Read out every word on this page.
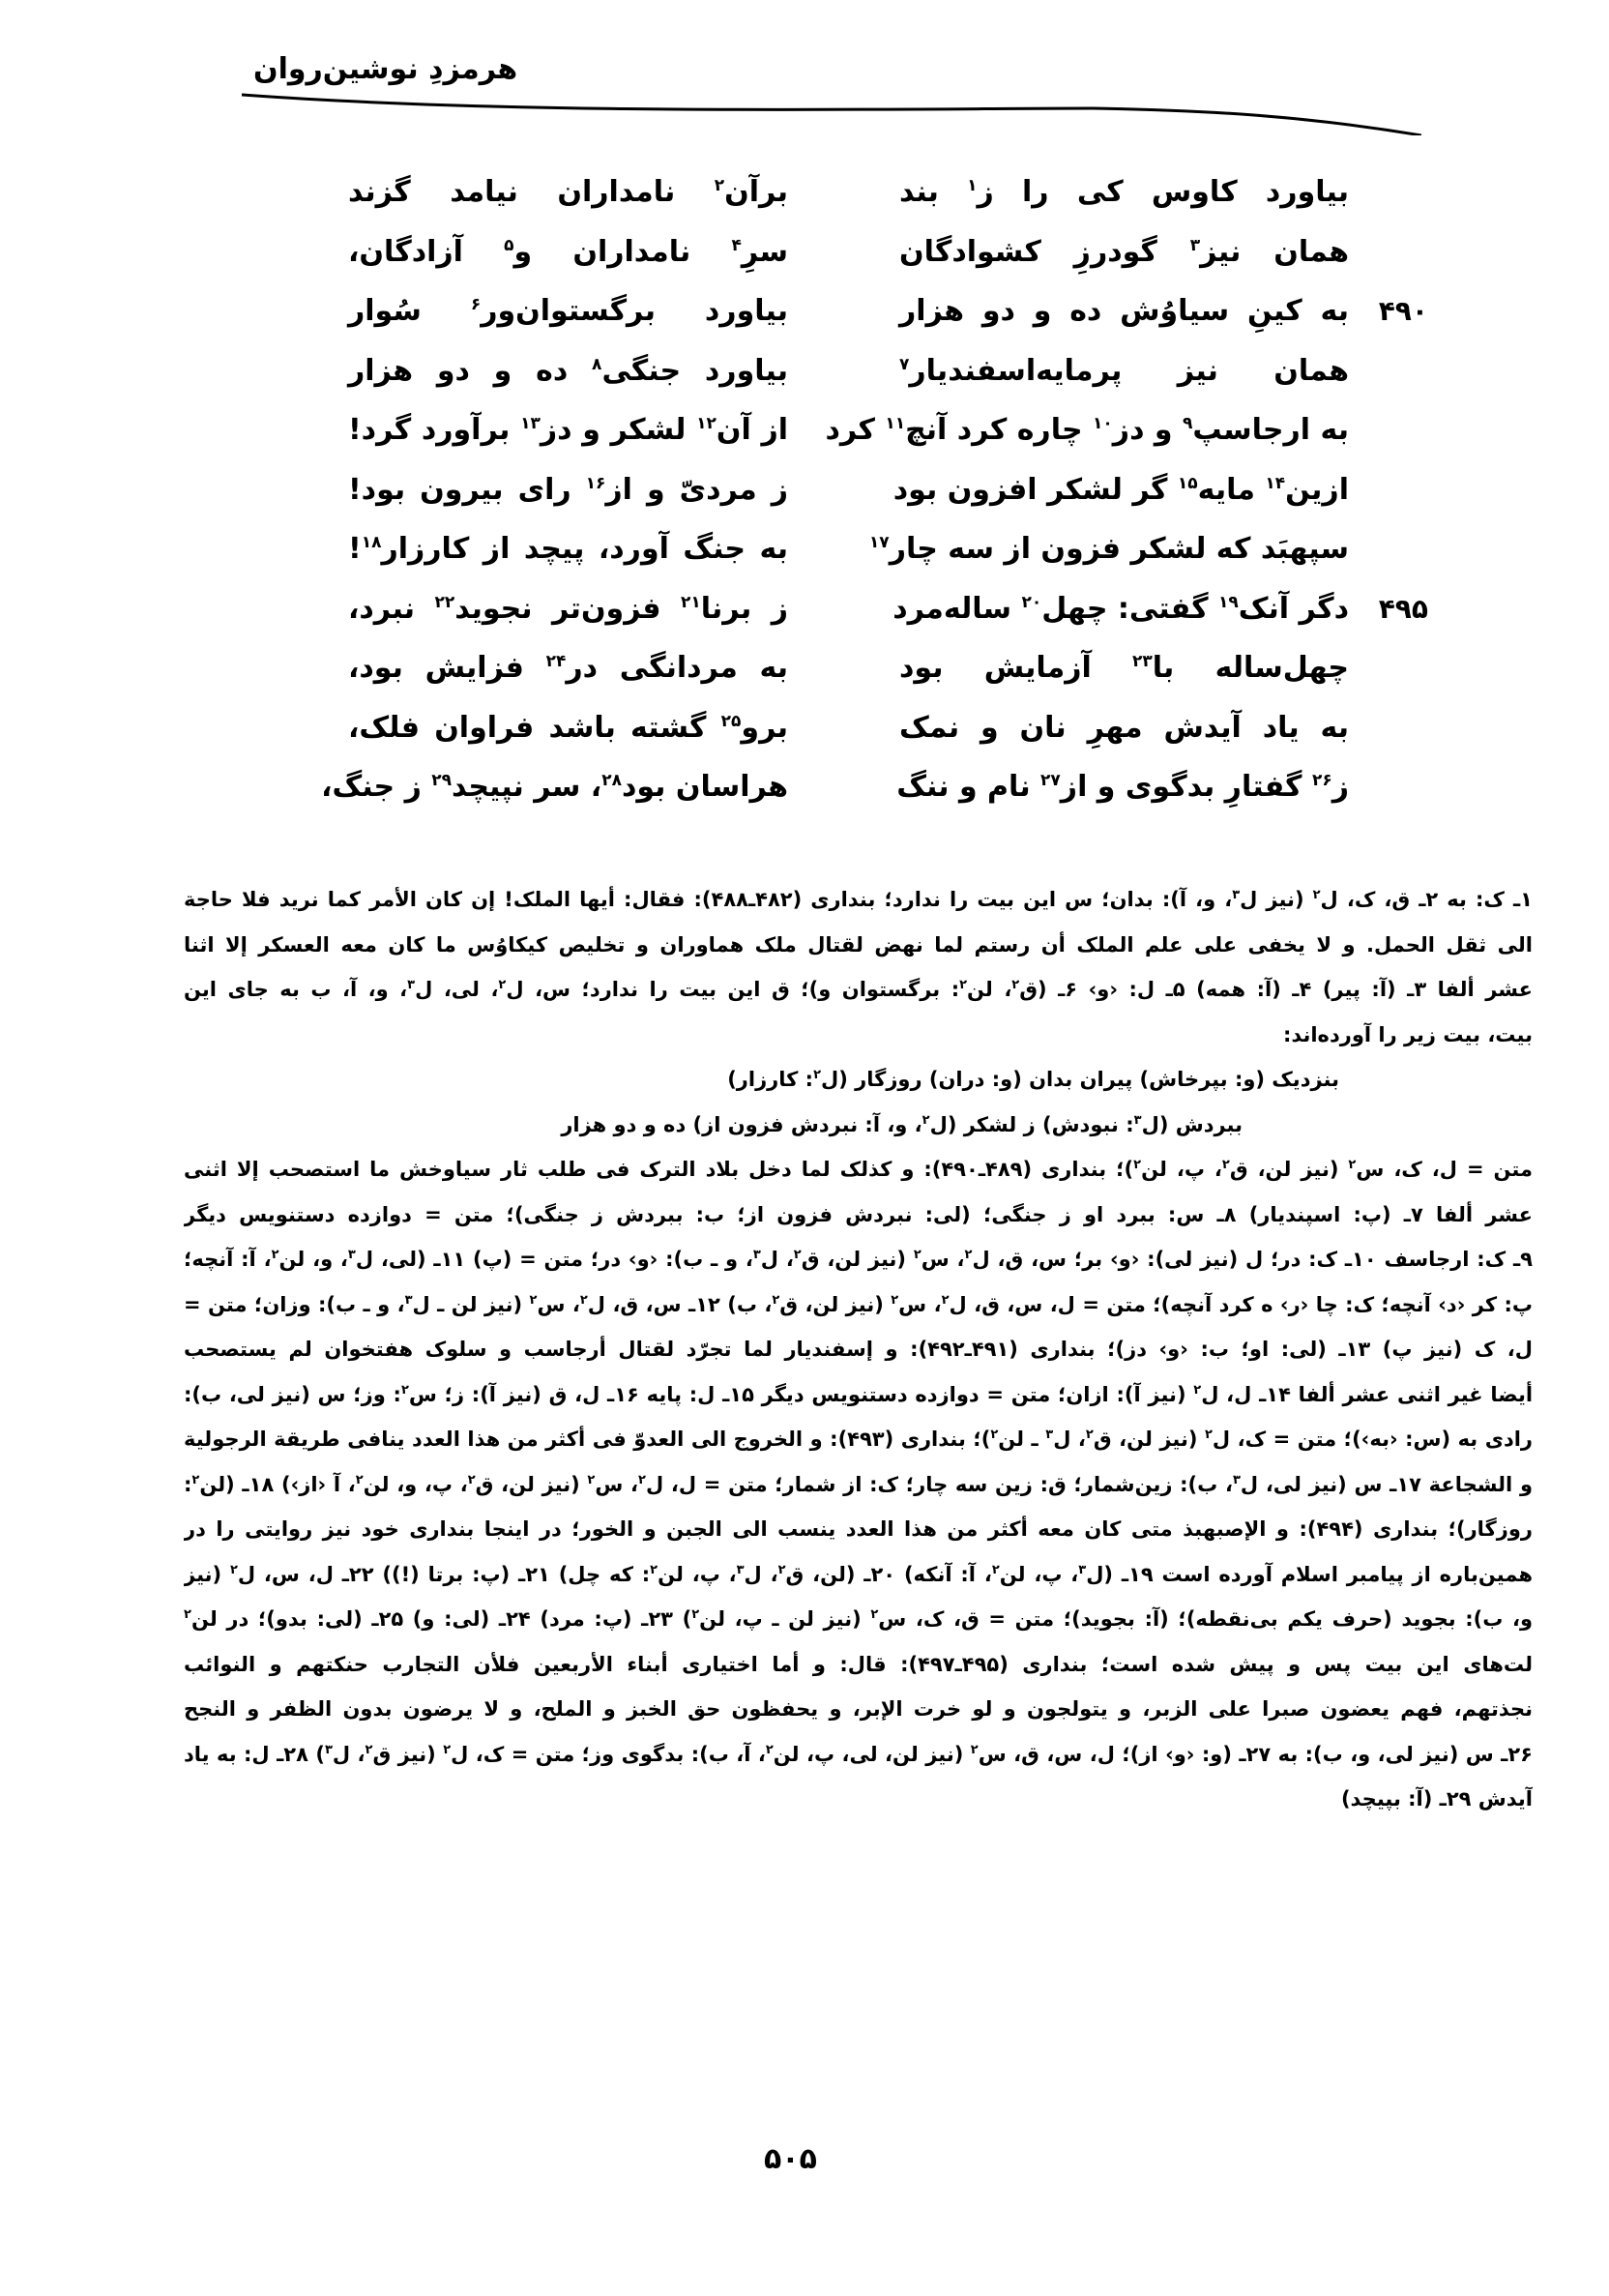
هرمزدِ نوشین‌روان
بیاورد کاوس کی را ز$^۱$ بند
همان نیز$^۳$ گودرزِ کشوادگان
۴۹۰
به کینِ سیاوُش ده و دو هزار
همان نیز پرمایه‌اسفندیار$^۷$
به ارجاسپ$^۹$ و دز$^{۱۰}$ چاره کرد آنچ$^{۱۱}$ کرد
ازین$^{۱۴}$ مایه$^{۱۵}$ گر لشکر افزون بود
سپهبَد که لشکر فزون از سه چار$^{۱۷}$
۴۹۵
دگر آنک$^{۱۹}$ گفتی: چهل$^{۲۰}$ ساله‌مرد
چهل‌ساله با$^{۲۳}$ آزمایش بود
به یاد آیدش مهرِ نان و نمک
ز$^{۲۶}$ گفتارِ بدگوی و از$^{۲۷}$ نام و ننگ
برآن$^۲$ نامداران نیامد گزند
سرِ$^۴$ نامداران و$^۵$ آزادگان،
بیاورد برگستوان‌ور$^۶$ سُوار
بیاورد جنگی$^۸$ ده و دو هزار
از آن$^{۱۲}$ لشکر و دز$^{۱۳}$ برآورد گرد!
ز مردیّ و از$^{۱۶}$ رای بیرون بود!
به جنگ آورد، پیچد از کارزار$^{۱۸}$!
ز برنا$^{۲۱}$ فزون‌تر نجوید$^{۲۲}$ نبرد،
به مردانگی در$^{۲۴}$ فزایش بود،
برو$^{۲۵}$ گشته باشد فراوان فلک،
هراسان بود$^{۲۸}$، سر نپیچد$^{۲۹}$ ز جنگ،
۱ـ ک: به ۲ـ ق، ک، ل$^۲$ (نیز ل$^۳$، و، آ): بدان؛ س این بیت را ندارد؛ بنداری (۴۸۲ـ۴۸۸): فقال: أیها الملک! إن کان الأمر کما نرید فلا حاجة
الی ثقل الحمل. و لا یخفی علی علم الملک أن رستم لما نهض لقتال ملک هماوران و تخلیص کیکاوُس ما کان معه العسکر إلا اثنا
عشر ألفا ۳ـ (آ: پیر) ۴ـ (آ: همه) ۵ـ ل: ‹و› ۶ـ (ق$^۲$، لن$^۲$: برگستوان و)؛ ق این بیت را ندارد؛ س، ل$^۲$، لی، ل$^۳$، و، آ، ب به جای این
بیت، بیت زیر را آورده‌اند:
بنزدیک (و: بپرخاش) پیران بدان (و: دران) روزگار (ل$^۲$: کارزار)
ببردش (ل$^۳$: نبودش) ز لشکر (ل$^۲$، و، آ: نبردش فزون از) ده و دو هزار
متن = ل، ک، س$^۲$ (نیز لن، ق$^۲$، پ، لن$^۲$)؛ بنداری (۴۸۹ـ۴۹۰): و کذلک لما دخل بلاد الترک فی طلب ثار سیاوخش ما استصحب إلا اثنی
عشر ألفا ۷ـ (پ: اسپندیار) ۸ـ س: ببرد او ز جنگی؛ (لی: نبردش فزون از؛ ب: ببردش ز جنگی)؛ متن = دوازده دستنویس دیگر
۹ـ ک: ارجاسف ۱۰ـ ک: در؛ ل (نیز لی): ‹و› بر؛ س، ق، ل$^۲$، س$^۲$ (نیز لن، ق$^۲$، ل$^۳$، و ـ ب): ‹و› در؛ متن = (پ) ۱۱ـ (لی، ل$^۳$، و، لن$^۲$، آ: آنچه؛
پ: کر ‹د› آنچه؛ ک: چا ‹ر› ه کرد آنچه)؛ متن = ل، س، ق، ل$^۲$، س$^۲$ (نیز لن، ق$^۲$، ب) ۱۲ـ س، ق، ل$^۲$، س$^۲$ (نیز لن ـ ل$^۳$، و ـ ب): وزان؛ متن =
ل، ک (نیز پ) ۱۳ـ (لی: او؛ ب: ‹و› دز)؛ بنداری (۴۹۱ـ۴۹۲): و إسفندیار لما تجرّد لقتال أرجاسب و سلوک هفتخوان لم یستصحب
أیضا غیر اثنی عشر ألفا ۱۴ـ ل، ل$^۲$ (نیز آ): ازان؛ متن = دوازده دستنویس دیگر ۱۵ـ ل: پایه ۱۶ـ ل، ق (نیز آ): ز؛ س$^۲$: وز؛ س (نیز لی، ب):
رادی به (س: ‹به›)؛ متن = ک، ل$^۲$ (نیز لن، ق$^۲$، ل$^۳$ ـ لن$^۲$)؛ بنداری (۴۹۳): و الخروج الی العدوّ فی أکثر من هذا العدد ینافی طریقة الرجولیة
و الشجاعة ۱۷ـ س (نیز لی، ل$^۳$، ب): زین‌شمار؛ ق: زین سه چار؛ ک: از شمار؛ متن = ل، ل$^۲$، س$^۲$ (نیز لن، ق$^۲$، پ، و، لن$^۲$، آ ‹از›) ۱۸ـ (لن$^۲$:
روزگار)؛ بنداری (۴۹۴): و الإصبهبذ متی کان معه أکثر من هذا العدد ینسب الی الجبن و الخور؛ در اینجا بنداری خود نیز روایتی را در
همین‌باره از پیامبر اسلام آورده است ۱۹ـ (ل$^۳$، پ، لن$^۲$، آ: آنکه) ۲۰ـ (لن، ق$^۲$، ل$^۳$، پ، لن$^۲$: که چل) ۲۱ـ (پ: برتا (!)) ۲۲ـ ل، س، ل$^۲$ (نیز
و، ب): بجوید (حرف یکم بی‌نقطه)؛ (آ: بجوید)؛ متن = ق، ک، س$^۲$ (نیز لن ـ پ، لن$^۲$) ۲۳ـ (پ: مرد) ۲۴ـ (لی: و) ۲۵ـ (لی: بدو)؛ در لن$^۲$
لت‌های این بیت پس و پیش شده است؛ بنداری (۴۹۵ـ۴۹۷): قال: و أما اختیاری أبناء الأربعین فلأن التجارب حنکتهم و النوائب
نجذتهم، فهم یعضون صبرا علی الزبر، و یتولجون و لو خرت الإبر، و یحفظون حق الخبز و الملح، و لا یرضون بدون الظفر و النجح
۲۶ـ س (نیز لی، و، ب): به ۲۷ـ (و: ‹و› از)؛ ل، س، ق، س$^۲$ (نیز لن، لی، پ، لن$^۲$، آ، ب): بدگوی وز؛ متن = ک، ل$^۲$ (نیز ق$^۲$، ل$^۳$) ۲۸ـ ل: به یاد
آیدش ۲۹ـ (آ: بپیچد)
۵۰۵
